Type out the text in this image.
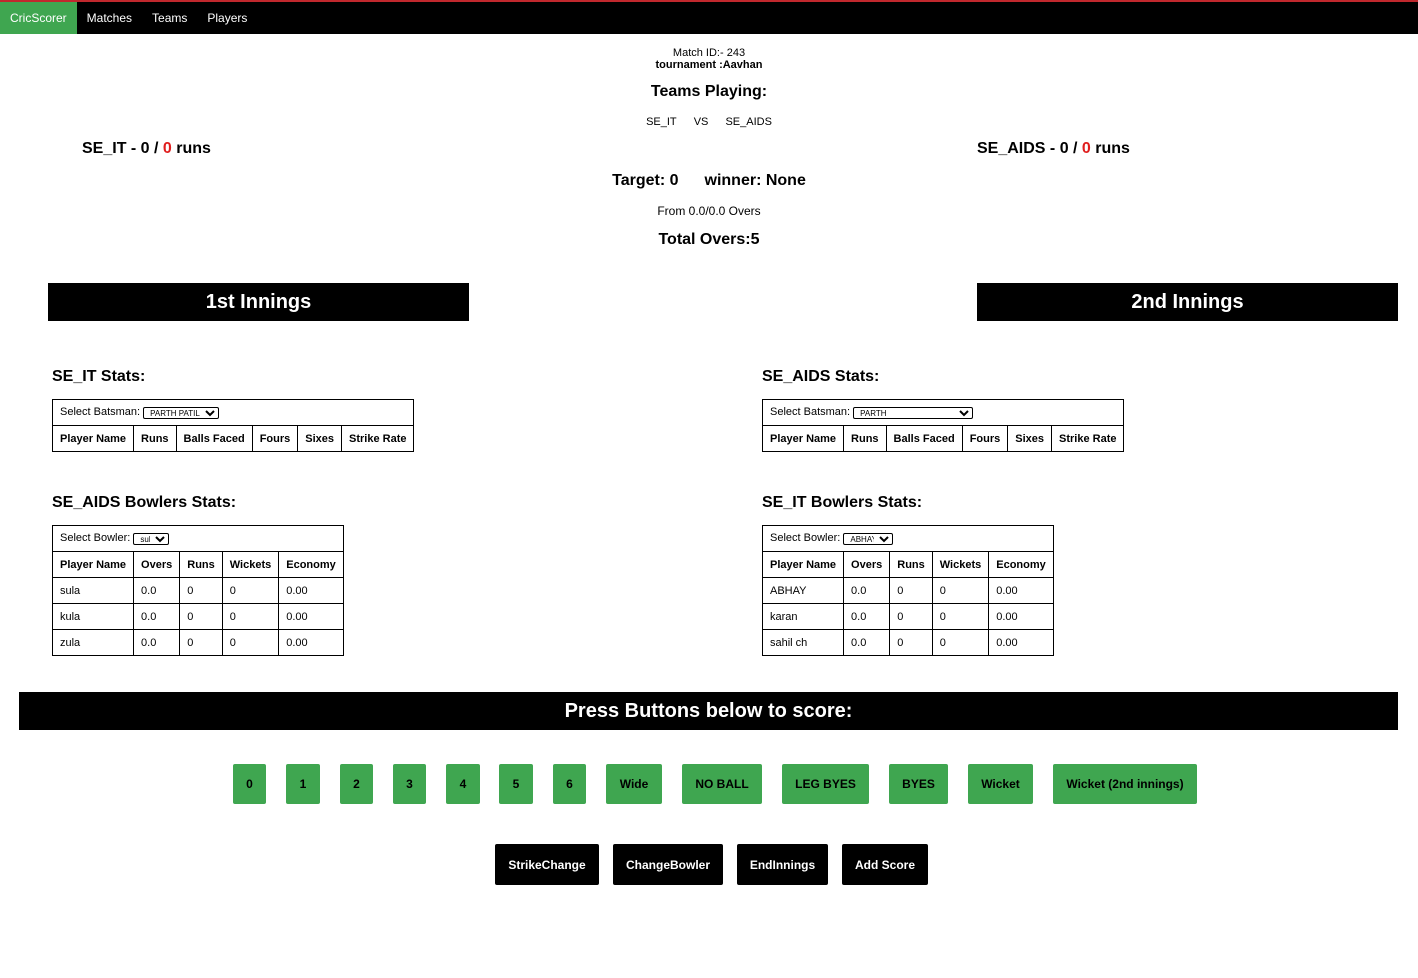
CricScorer	Matches	Teams	Players
Match ID:- 243
tournament :Aavhan
Teams Playing:
SE_IT VS SE_AIDS
SE_IT - 0 / 0 runs	SE_AIDS - 0 / 0 runs
Target: 0 winner: None
From 0.0/0.0 Overs
Total Overs:5
1st Innings	2nd Innings
SE_IT Stats:
Select Batsman:
PARTH PATIL
Player Name	Runs	Balls Faced	Fours	Sixes	Strike Rate
SE_AIDS Stats:
Select Batsman:
PARTH
Player Name	Runs	Balls Faced	Fours	Sixes	Strike Rate
SE_AIDS Bowlers Stats:
Select Bowler:
sula
Player Name	Overs	Runs	Wickets	Economy
sula	0.0	0	0	0.00
kula	0.0	0	0	0.00
zula	0.0	0	0	0.00
SE_IT Bowlers Stats:
Select Bowler:
ABHAY
Player Name	Overs	Runs	Wickets	Economy
ABHAY	0.0	0	0	0.00
karan	0.0	0	0	0.00
sahil ch	0.0	0	0	0.00
Press Buttons below to score:
0	1	2	3	4	5	6	Wide	NO BALL	LEG BYES	BYES	Wicket	Wicket (2nd innings)
StrikeChange	ChangeBowler	EndInnings	Add Score
